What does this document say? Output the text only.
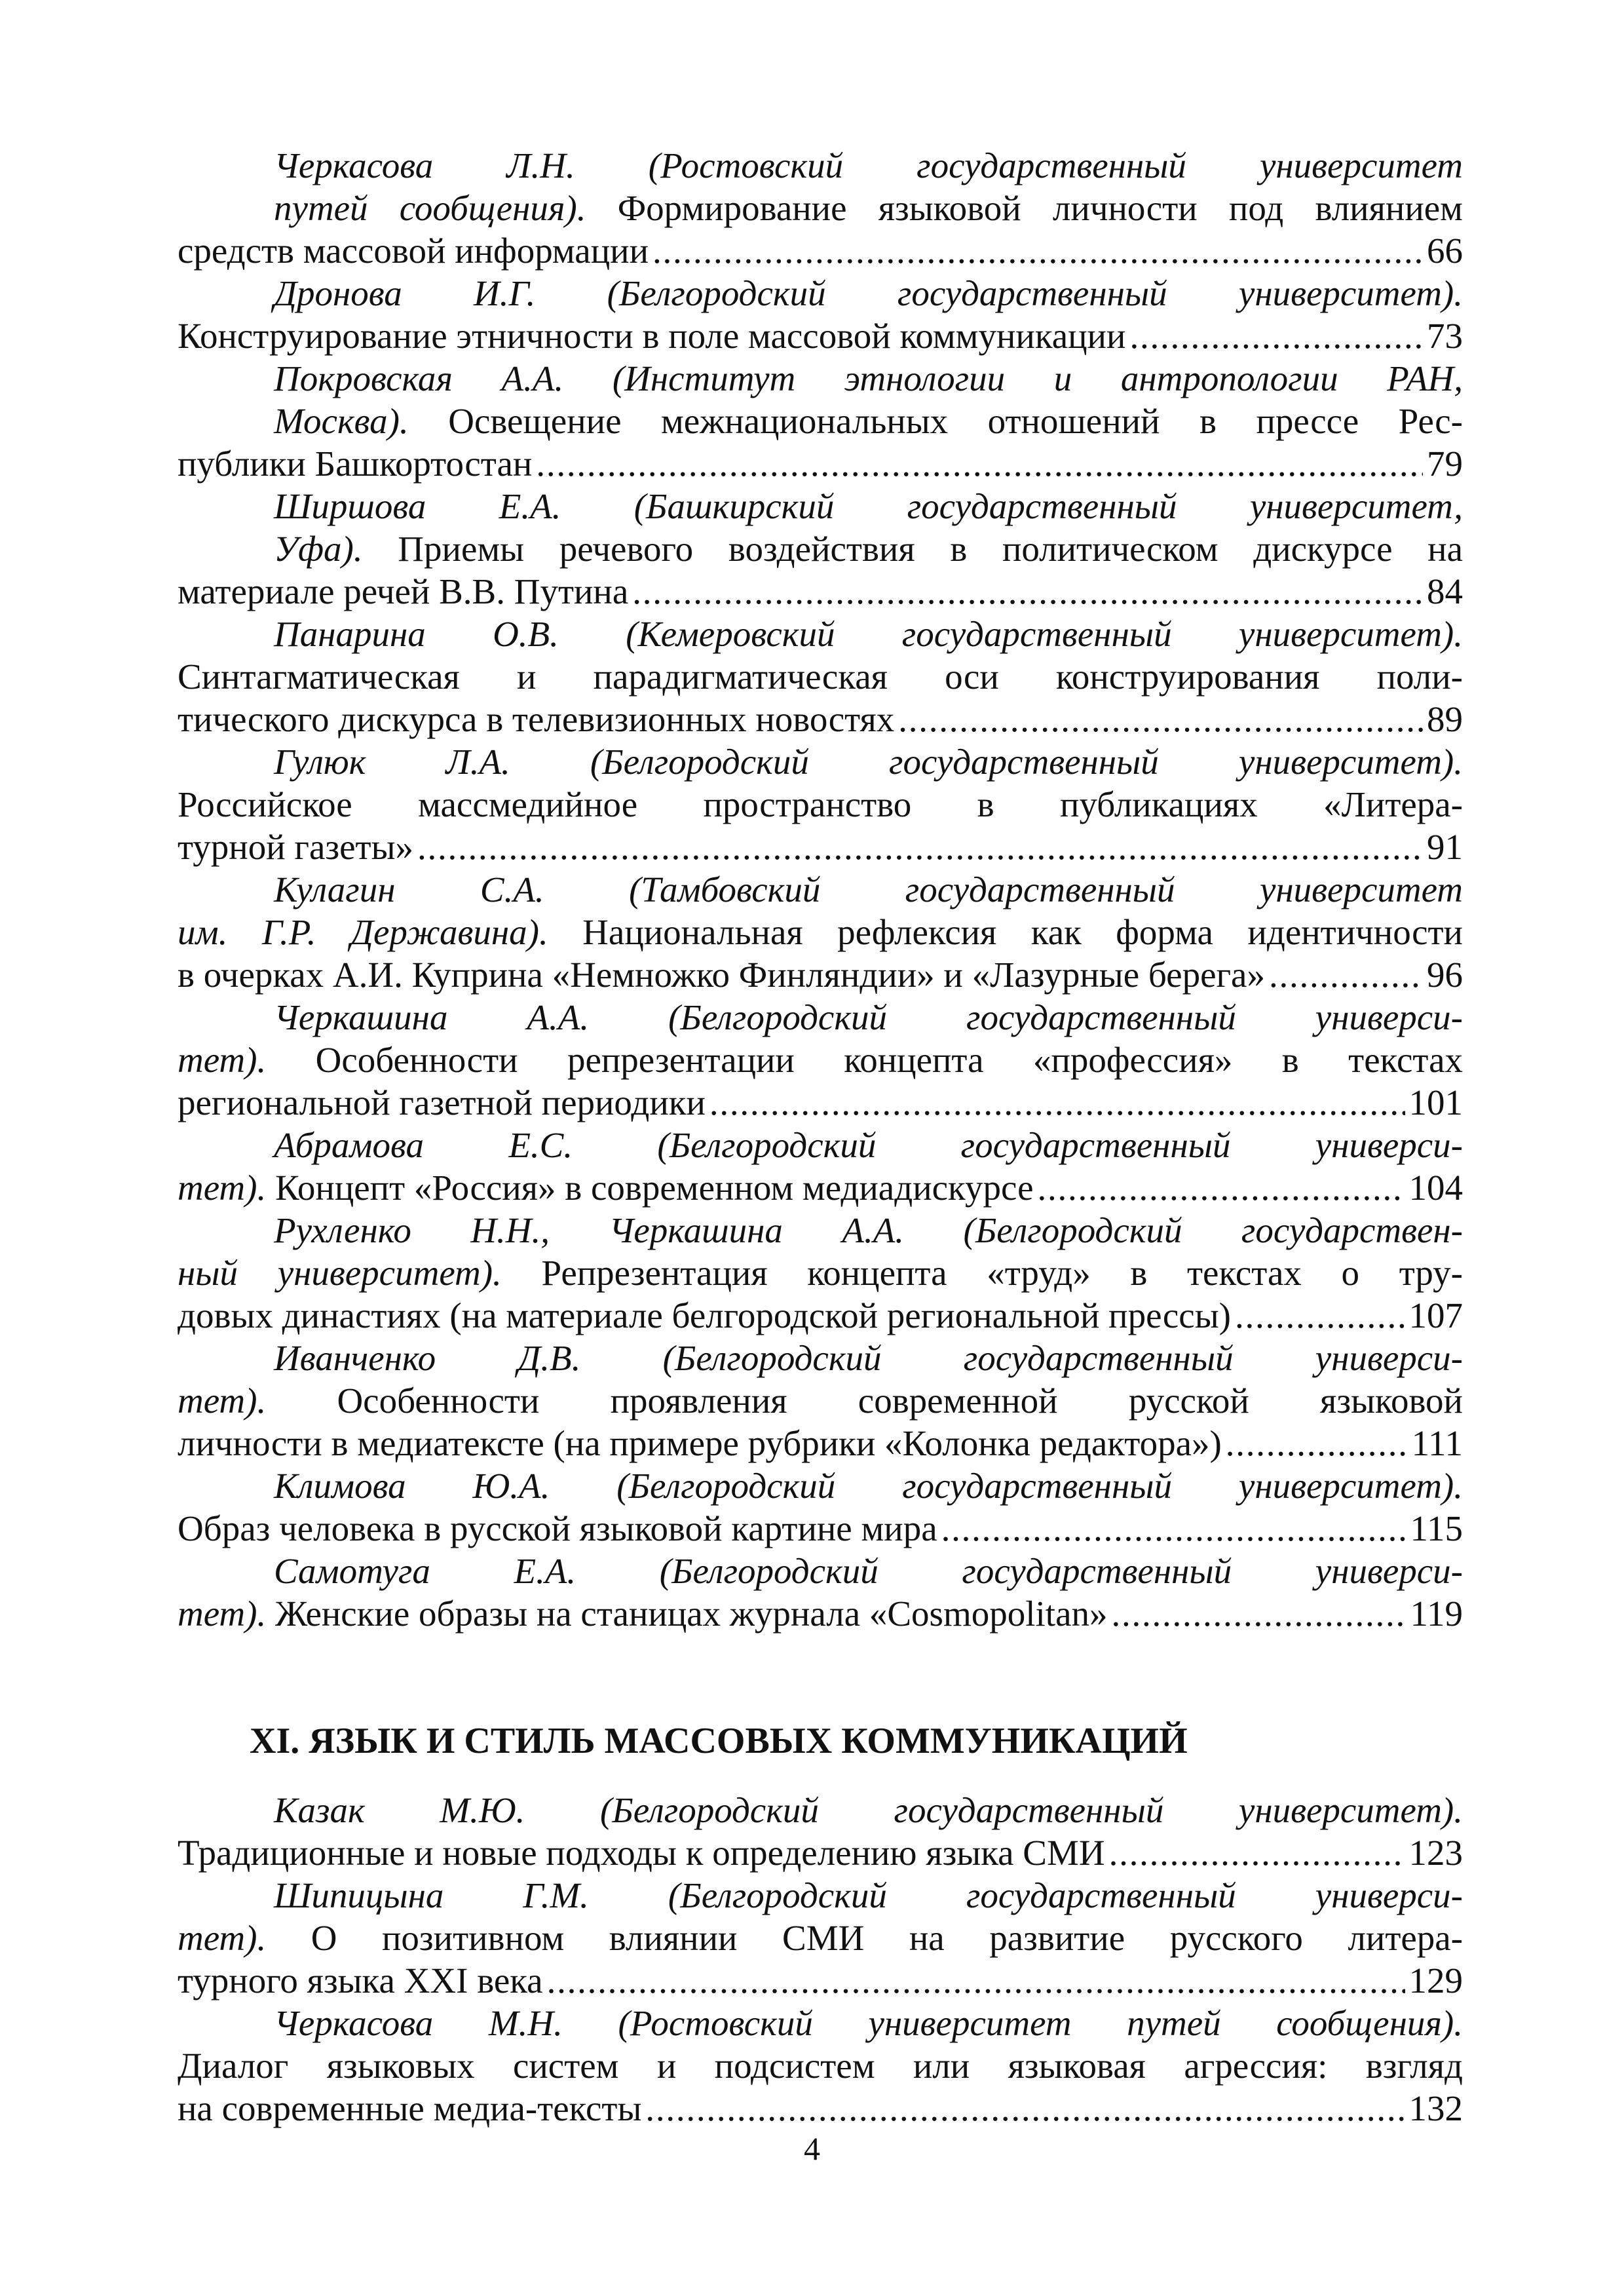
Черкасова Л.Н. (Ростовский государственный университет
путей сообщения). Формирование языковой личности под влиянием
средств массовой информации . . .	66
Дронова И.Г. (Белгородский государственный университет).
Конструирование этничности в поле массовой коммуникации . . .	73
Покровская А.А. (Институт этнологии и антропологии РАН,
Москва). Освещение межнациональных отношений в прессе Рес-
публики Башкортостан . . .	79
Ширшова Е.А. (Башкирский государственный университет,
Уфа). Приемы речевого воздействия в политическом дискурсе на
материале речей В.В. Путина . . .	84
Панарина О.В. (Кемеровский государственный университет).
Синтагматическая и парадигматическая оси конструирования поли-
тического дискурса в телевизионных новостях . . .	89
Гулюк Л.А. (Белгородский государственный университет).
Российское массмедийное пространство в публикациях «Литера-
турной газеты» . . .	91
Кулагин С.А. (Тамбовский государственный университет
им. Г.Р. Державина). Национальная рефлексия как форма идентичности
в очерках А.И. Куприна «Немножко Финляндии» и «Лазурные берега» . . .	96
Черкашина А.А. (Белгородский государственный универси-
тет). Особенности репрезентации концепта «профессия» в текстах
региональной газетной периодики . . .	101
Абрамова Е.С. (Белгородский государственный универси-
тет). Концепт «Россия» в современном медиадискурсе . . .	104
Рухленко Н.Н., Черкашина А.А. (Белгородский государствен-
ный университет). Репрезентация концепта «труд» в текстах о тру-
довых династиях (на материале белгородской региональной прессы) . . .	107
Иванченко Д.В. (Белгородский государственный универси-
тет). Особенности проявления современной русской языковой
личности в медиатексте (на примере рубрики «Колонка редактора») . . .	111
Климова Ю.А. (Белгородский государственный университет).
Образ человека в русской языковой картине мира . . .	115
Самотуга Е.А. (Белгородский государственный универси-
тет). Женские образы на станицах журнала «Cosmopolitan» . . .	119
XI. ЯЗЫК И СТИЛЬ МАССОВЫХ КОММУНИКАЦИЙ
Казак М.Ю. (Белгородский государственный университет).
Традиционные и новые подходы к определению языка СМИ . . .	123
Шипицына Г.М. (Белгородский государственный универси-
тет). О позитивном влиянии СМИ на развитие русского литера-
турного языка XXI века . . .	129
Черкасова М.Н. (Ростовский университет путей сообщения).
Диалог языковых систем и подсистем или языковая агрессия: взгляд
на современные медиа-тексты . . .	132
4
